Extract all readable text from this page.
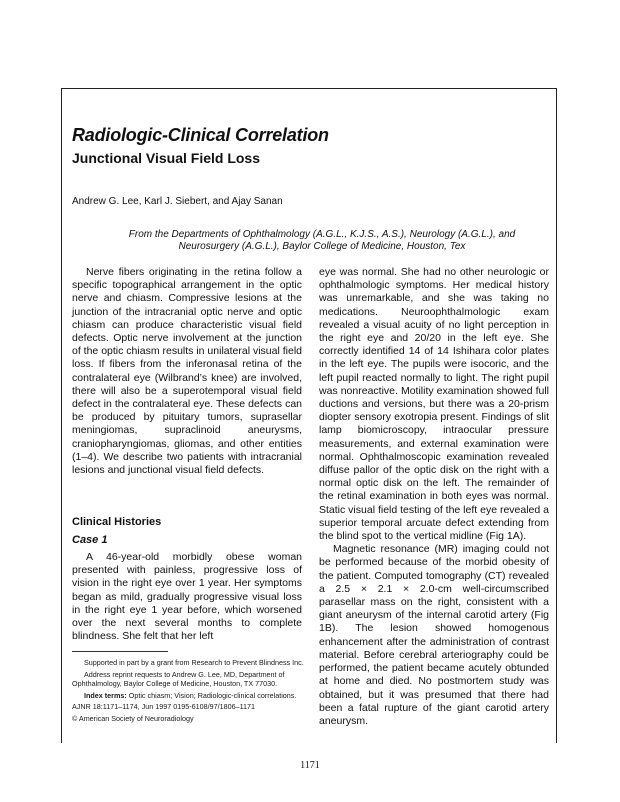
Radiologic-Clinical Correlation
Junctional Visual Field Loss

Andrew G. Lee, Karl J. Siebert, and Ajay Sanan

From the Departments of Ophthalmology (A.G.L., K.J.S., A.S.), Neurology (A.G.L.), and Neurosurgery (A.G.L.), Baylor College of Medicine, Houston, Tex

Nerve fibers originating in the retina follow a specific topographical arrangement in the optic nerve and chiasm. Compressive lesions at the junction of the intracranial optic nerve and optic chiasm can produce characteristic visual field defects. Optic nerve involvement at the junction of the optic chiasm results in unilateral visual field loss. If fibers from the inferonasal retina of the contralateral eye (Wilbrand’s knee) are involved, there will also be a superotemporal visual field defect in the contralateral eye. These defects can be produced by pituitary tumors, suprasellar meningiomas, supraclinoid aneurysms, craniopharyngiomas, gliomas, and other entities (1–4). We describe two patients with intracranial lesions and junctional visual field defects.

Clinical Histories
Case 1

A 46-year-old morbidly obese woman presented with painless, progressive loss of vision in the right eye over 1 year. Her symptoms began as mild, gradually progressive visual loss in the right eye 1 year before, which worsened over the next several months to complete blindness. She felt that her left

eye was normal. She had no other neurologic or ophthalmologic symptoms. Her medical history was unremarkable, and she was taking no medications. Neuroophthalmologic exam revealed a visual acuity of no light perception in the right eye and 20/20 in the left eye. She correctly identified 14 of 14 Ishihara color plates in the left eye. The pupils were isocoric, and the left pupil reacted normally to light. The right pupil was nonreactive. Motility examination showed full ductions and versions, but there was a 20-prism diopter sensory exotropia present. Findings of slit lamp biomicroscopy, intraocular pressure measurements, and external examination were normal. Ophthalmoscopic examination revealed diffuse pallor of the optic disk on the right with a normal optic disk on the left. The remainder of the retinal examination in both eyes was normal. Static visual field testing of the left eye revealed a superior temporal arcuate defect extending from the blind spot to the vertical midline (Fig 1A).

Magnetic resonance (MR) imaging could not be performed because of the morbid obesity of the patient. Computed tomography (CT) revealed a 2.5 × 2.1 × 2.0-cm well-circumscribed parasellar mass on the right, consistent with a giant aneurysm of the internal carotid artery (Fig 1B). The lesion showed homogenous enhancement after the administration of contrast material. Before cerebral arteriography could be performed, the patient became acutely obtunded at home and died. No postmortem study was obtained, but it was presumed that there had been a fatal rupture of the giant carotid artery aneurysm.

Supported in part by a grant from Research to Prevent Blindness Inc.

Address reprint requests to Andrew G. Lee, MD, Department of Ophthalmology, Baylor College of Medicine, Houston, TX 77030.

Index terms: Optic chiasm; Vision; Radiologic-clinical correlations.

AJNR 18:1171–1174, Jun 1997 0195-6108/97/1806–1171

© American Society of Neuroradiology

1171
